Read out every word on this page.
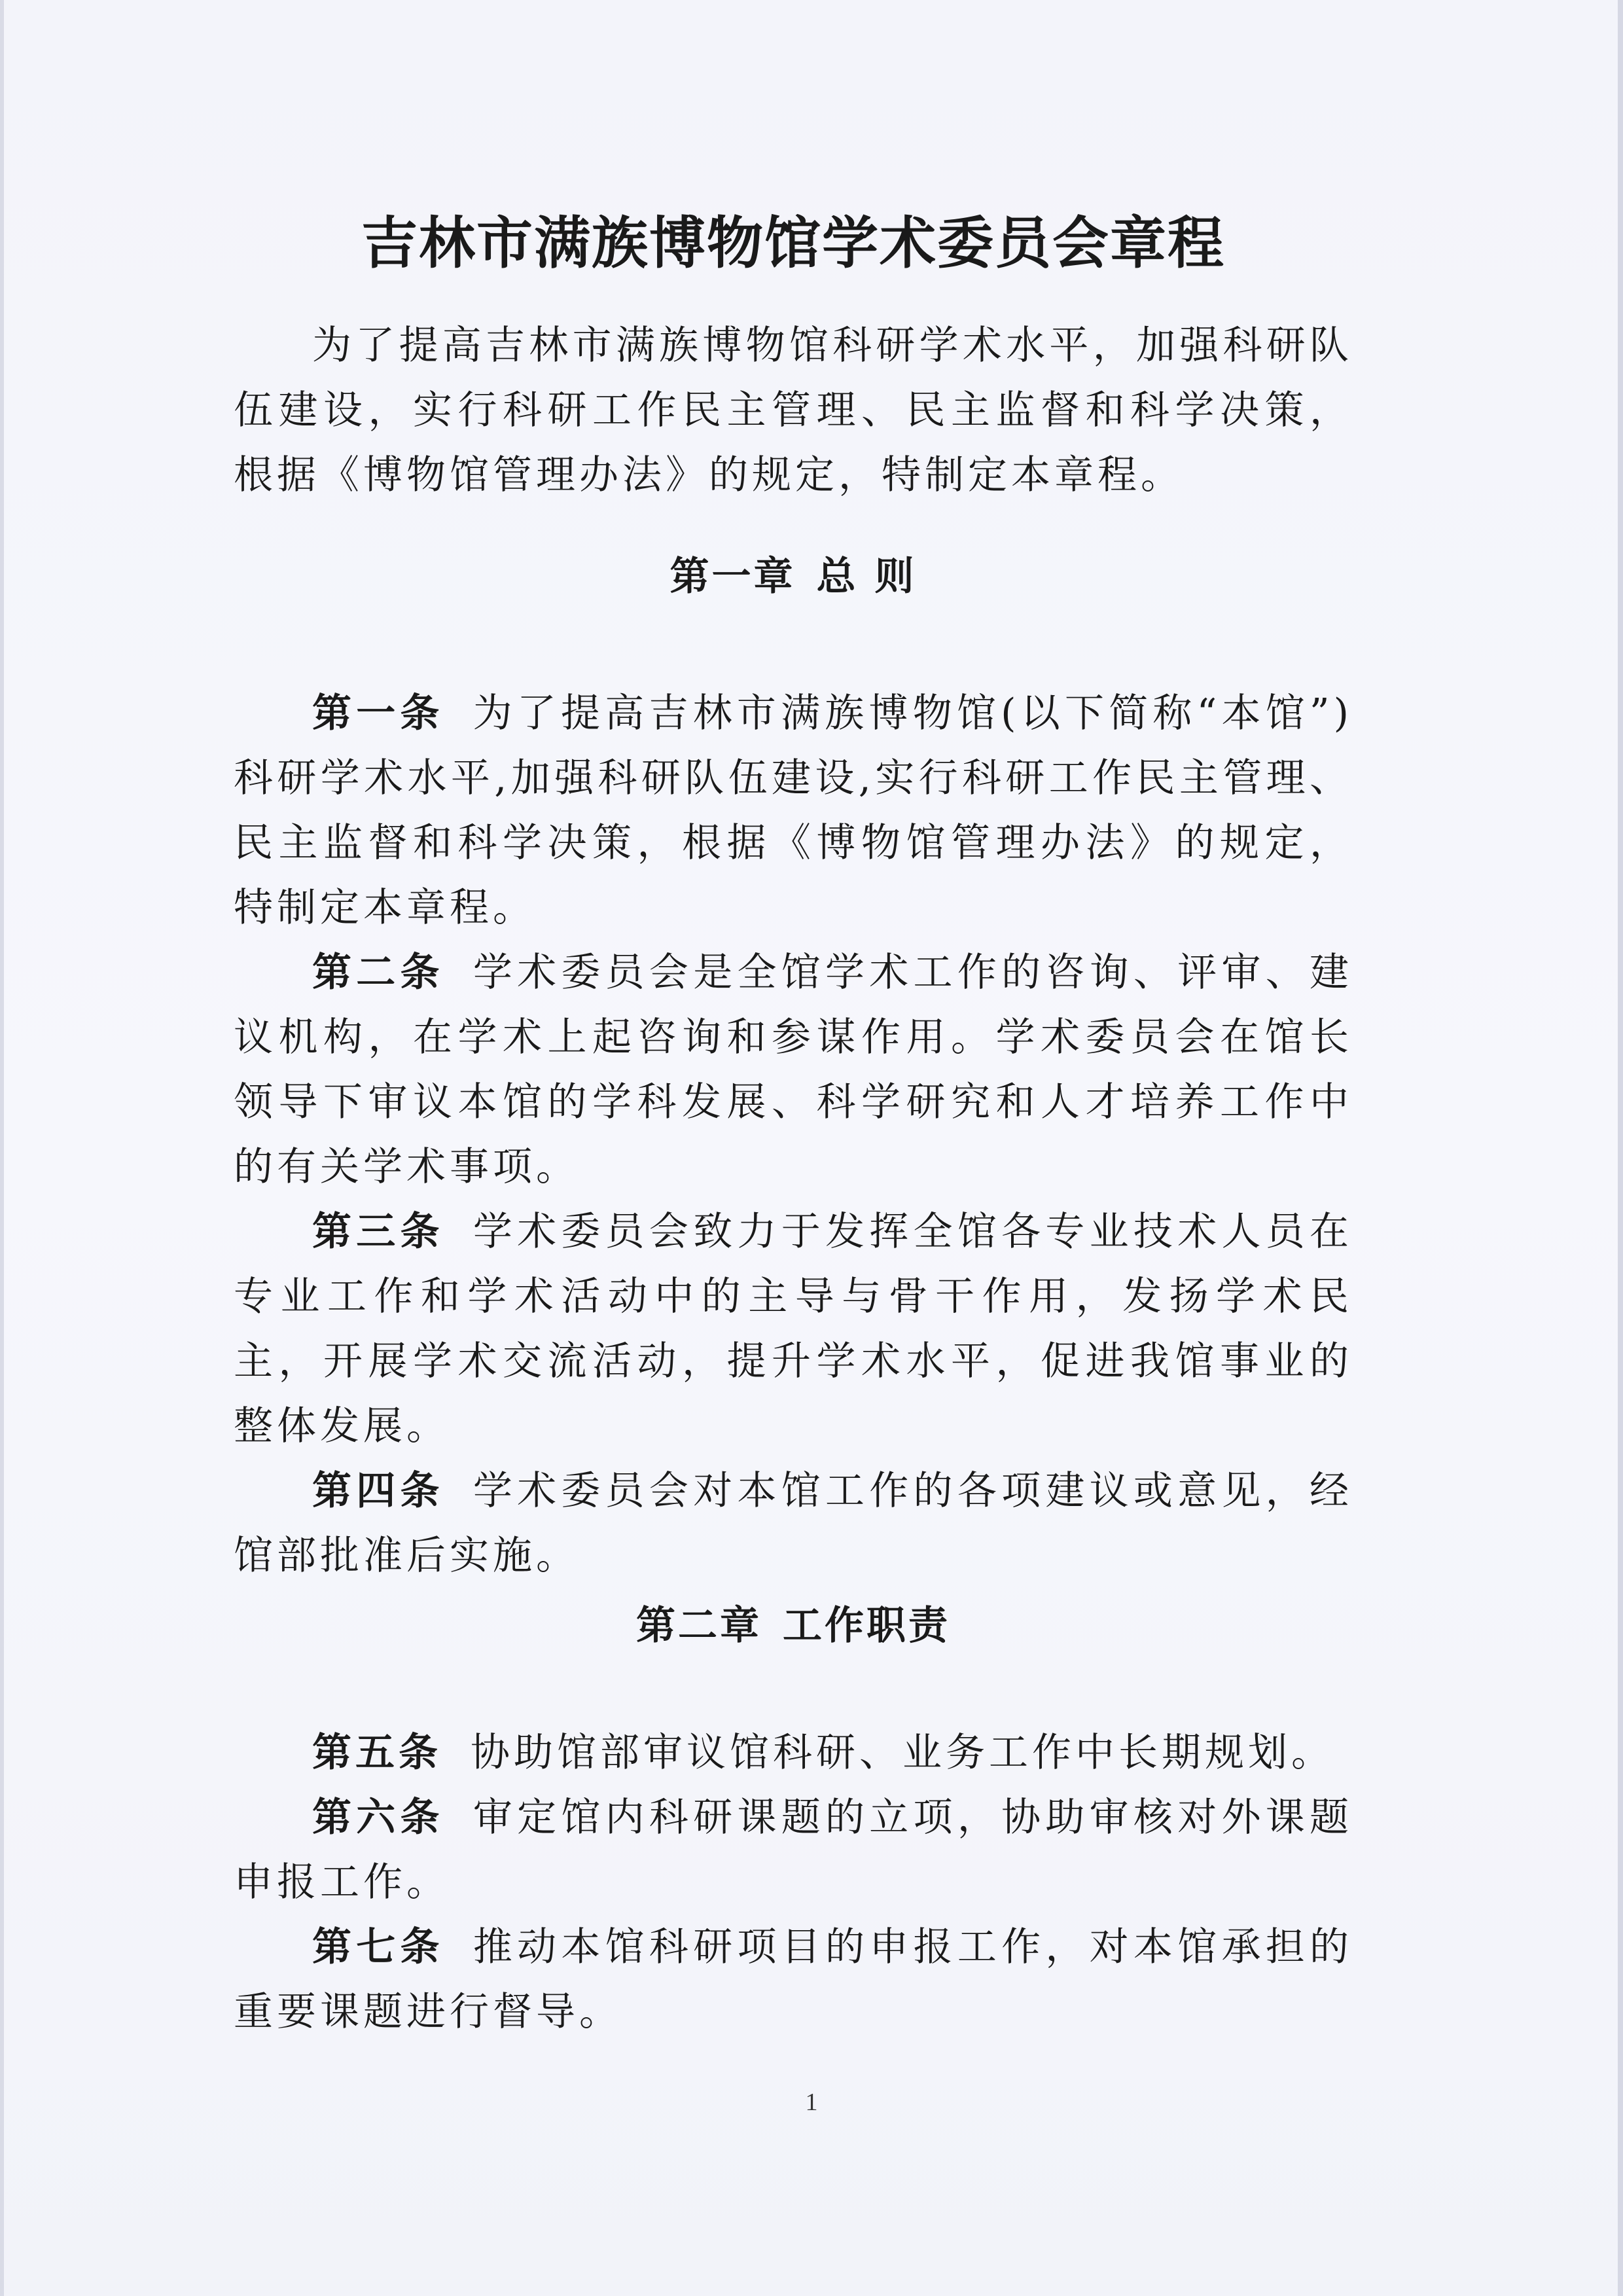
吉林市满族博物馆学术委员会章程

为了提高吉林市满族博物馆科研学术水平，加强科研队伍建设，实行科研工作民主管理、民主监督和科学决策，根据《博物馆管理办法》的规定，特制定本章程。

第一章 总 则

第一条 为了提高吉林市满族博物馆(以下简称“本馆”)科研学术水平,加强科研队伍建设,实行科研工作民主管理、民主监督和科学决策，根据《博物馆管理办法》的规定，特制定本章程。

第二条 学术委员会是全馆学术工作的咨询、评审、建议机构，在学术上起咨询和参谋作用。学术委员会在馆长领导下审议本馆的学科发展、科学研究和人才培养工作中的有关学术事项。

第三条 学术委员会致力于发挥全馆各专业技术人员在专业工作和学术活动中的主导与骨干作用，发扬学术民主，开展学术交流活动，提升学术水平，促进我馆事业的整体发展。

第四条 学术委员会对本馆工作的各项建议或意见，经馆部批准后实施。

第二章 工作职责

第五条 协助馆部审议馆科研、业务工作中长期规划。

第六条 审定馆内科研课题的立项，协助审核对外课题申报工作。

第七条 推动本馆科研项目的申报工作，对本馆承担的重要课题进行督导。

1
